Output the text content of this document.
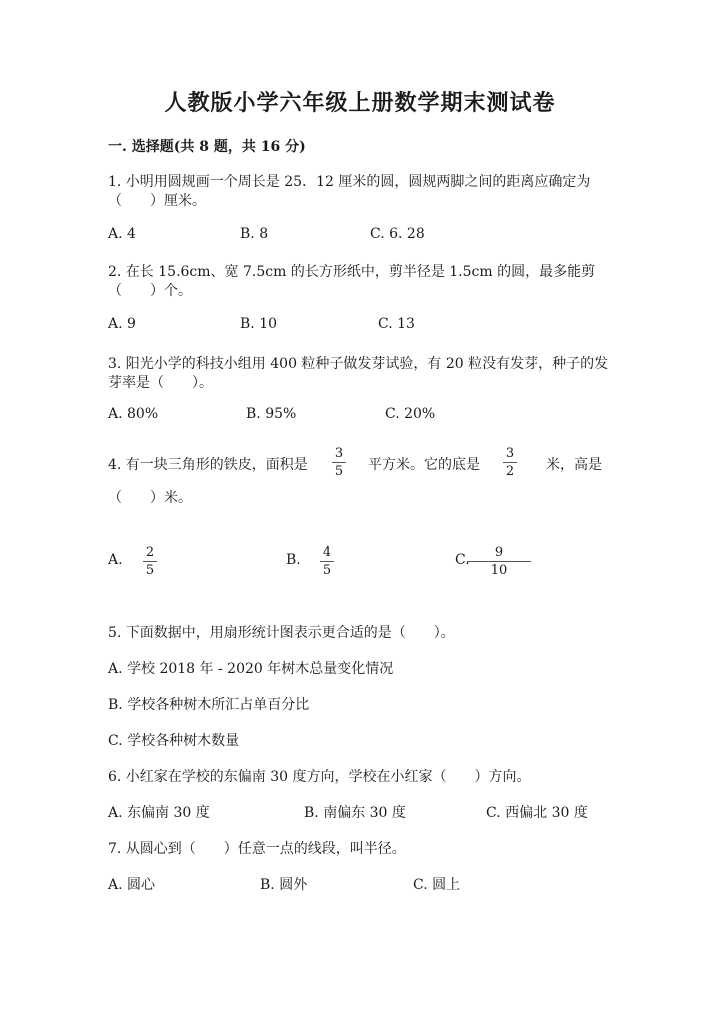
人教版小学六年级上册数学期末测试卷
一. 选择题(共 8 题，共 16 分)
1. 小明用圆规画一个周长是 25．12 厘米的圆，圆规两脚之间的距离应确定为
（　　）厘米。
A. 4	B. 8	C. 6. 28
2. 在长 15.6cm、宽 7.5cm 的长方形纸中，剪半径是 1.5cm 的圆，最多能剪
（　　）个。
A. 9	B. 10	C. 13
3. 阳光小学的科技小组用 400 粒种子做发芽试验，有 20 粒没有发芽，种子的发
芽率是（　　）。
A. 80%	B. 95%	C. 20%
4. 有一块三角形的铁皮，面积是
3
5 平方米。它的底是
3
2 米，高是
（　　）米。
A. 2
5
B. 4
5
C. 9
10
5. 下面数据中，用扇形统计图表示更合适的是（　　）。
A. 学校 2018 年 - 2020 年树木总量变化情况
B. 学校各种树木所汇占单百分比
C. 学校各种树木数量
6. 小红家在学校的东偏南 30 度方向，学校在小红家（　　）方向。
A. 东偏南 30 度	B. 南偏东 30 度	C. 西偏北 30 度
7. 从圆心到（　　）任意一点的线段，叫半径。
A. 圆心	B. 圆外	C. 圆上
